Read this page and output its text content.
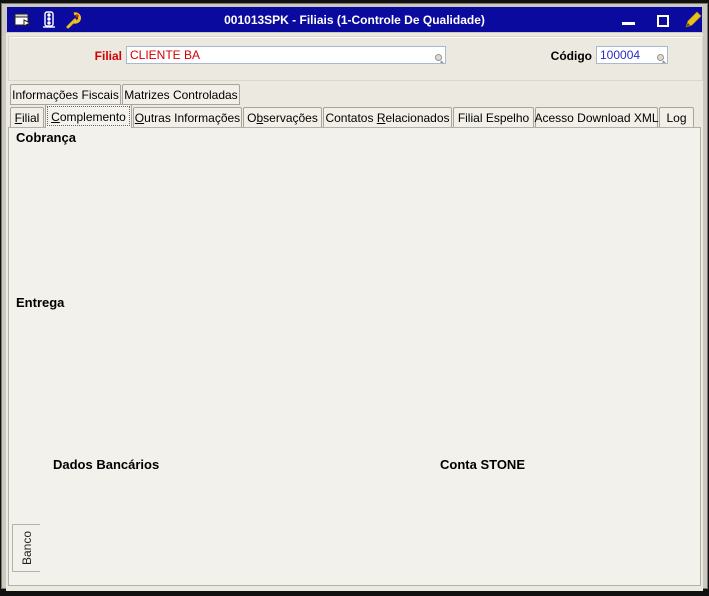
001013SPK - Filiais (1-Controle De Qualidade)
Filial CLIENTE BA	Código 100004
Informações Fiscais Matrizes Controladas
Filial Complemento Outras Informações Observações Contatos Relacionados Filial Espelho Acesso Download XML Log
Cobrança
Entrega
Banco
Dados Bancários	Conta STONE
